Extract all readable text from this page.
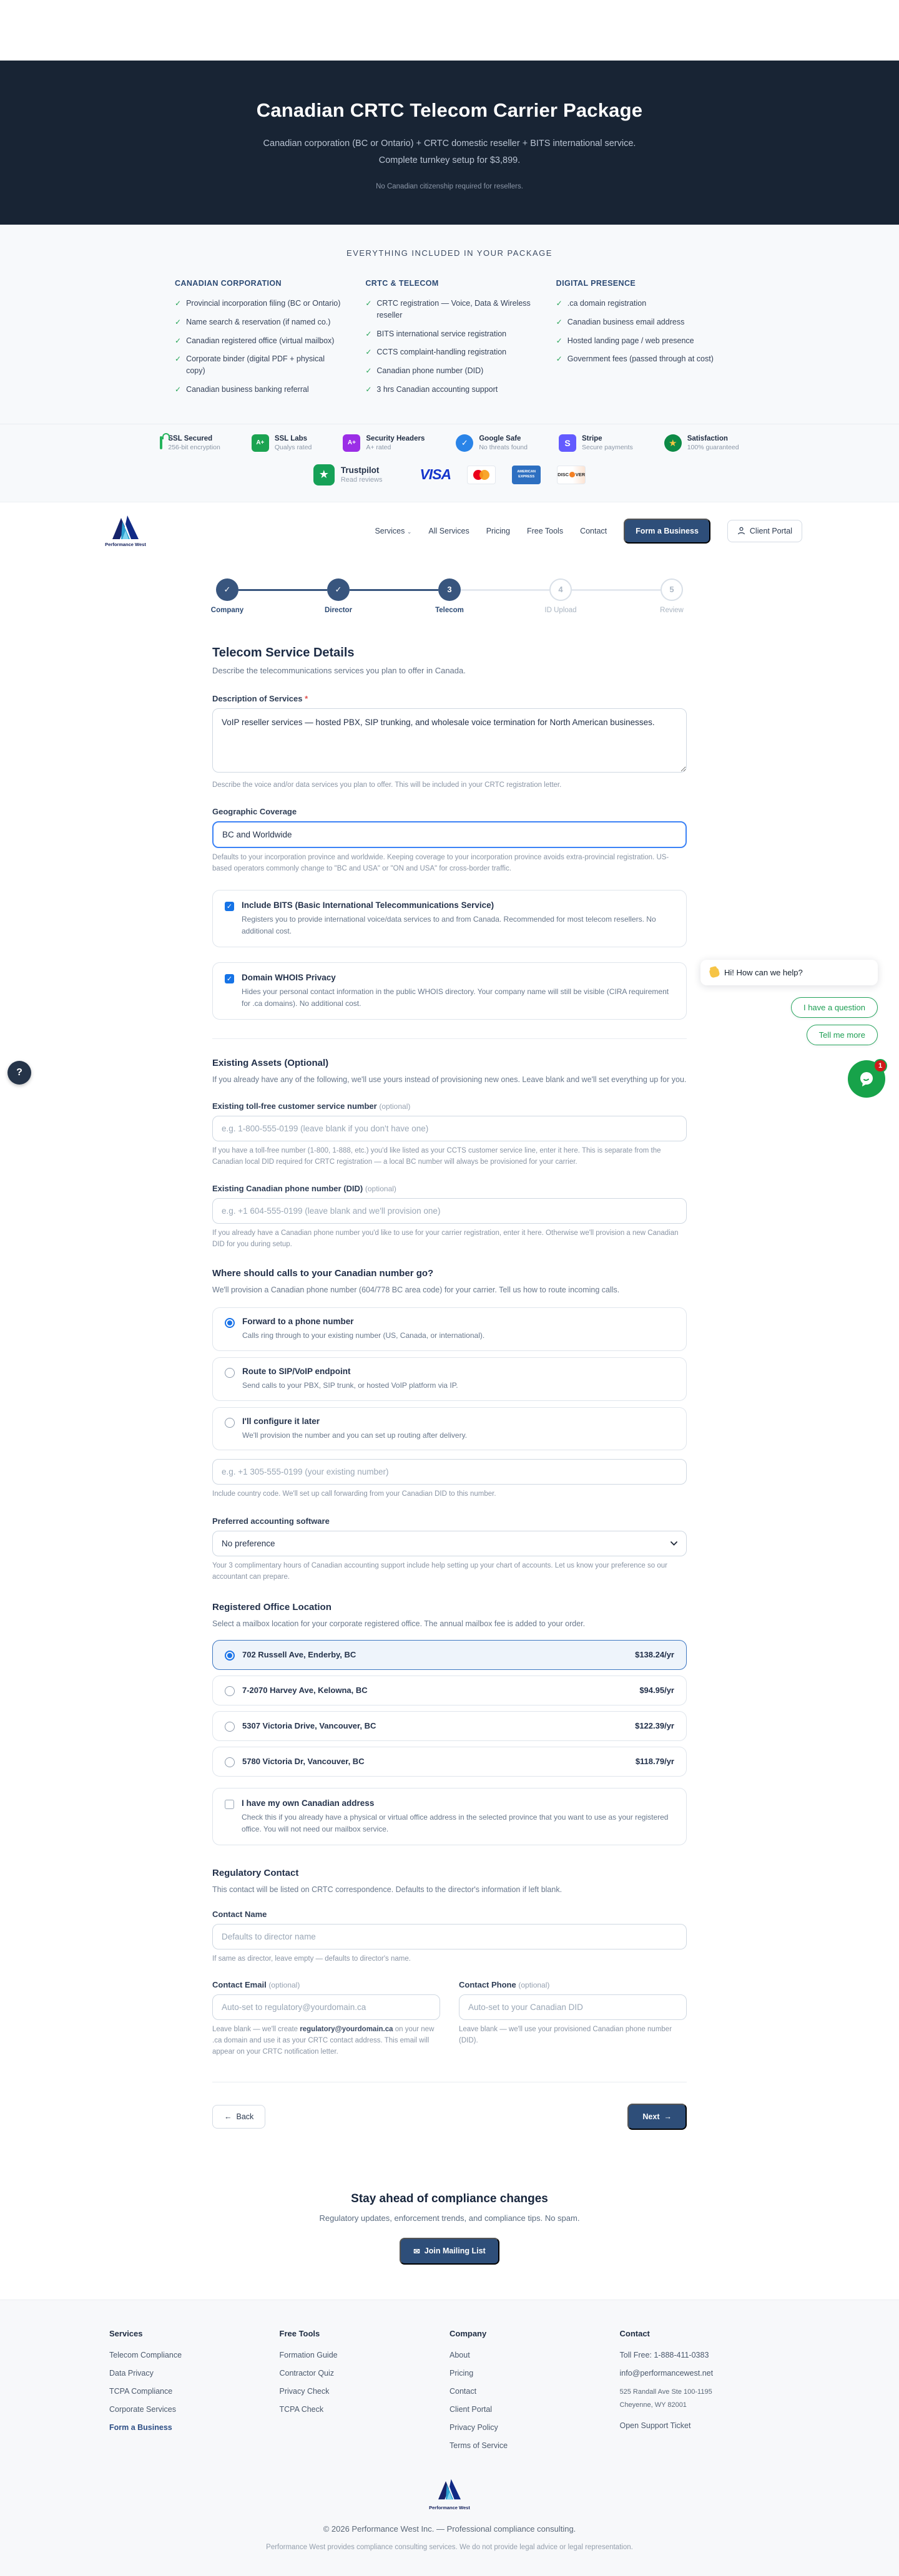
Canadian CRTC Telecom Carrier Package
Canadian corporation (BC or Ontario) + CRTC domestic reseller + BITS international service. Complete turnkey setup for $3,899.
No Canadian citizenship required for resellers.
EVERYTHING INCLUDED IN YOUR PACKAGE
CANADIAN CORPORATION
✓ Provincial incorporation filing (BC or Ontario)
✓ Name search & reservation (if named co.)
✓ Canadian registered office (virtual mailbox)
✓ Corporate binder (digital PDF + physical copy)
✓ Canadian business banking referral
CRTC & TELECOM
✓ CRTC registration — Voice, Data & Wireless reseller
✓ BITS international service registration
✓ CCTS complaint-handling registration
✓ Canadian phone number (DID)
✓ 3 hrs Canadian accounting support
DIGITAL PRESENCE
✓ .ca domain registration
✓ Canadian business email address
✓ Hosted landing page / web presence
✓ Government fees (passed through at cost)
SSL Secured
256-bit encryption
A+
SSL Labs
Qualys rated
A+
Security Headers
A+ rated	✓	Google Safe
No threats found	S	Stripe
Secure payments	★	Satisfaction
100% guaranteed
★	Trustpilot
Read reviews	VISA	AMERICAN EXPRESS	DISC VER
Performance West
Services ⌄ All Services Pricing Free Tools Contact	Form a Business	Client Portal
✓
Company
✓
Director
3
Telecom
4
ID Upload
5
Review
Telecom Service Details
Describe the telecommunications services you plan to offer in Canada.
Description of Services *
VoIP reseller services — hosted PBX, SIP trunking, and wholesale voice termination for North American businesses.
Describe the voice and/or data services you plan to offer. This will be included in your CRTC registration letter.
Geographic Coverage
BC and Worldwide
Defaults to your incorporation province and worldwide. Keeping coverage to your incorporation province avoids extra-provincial registration. US-based operators commonly change to "BC and USA" or "ON and USA" for cross-border traffic.
✓ Include BITS (Basic International Telecommunications Service)
Registers you to provide international voice/data services to and from Canada. Recommended for most telecom resellers. No additional cost.
✓ Domain WHOIS Privacy
Hides your personal contact information in the public WHOIS directory. Your company name will still be visible (CIRA requirement for .ca domains). No additional cost.
Existing Assets (Optional)
If you already have any of the following, we'll use yours instead of provisioning new ones. Leave blank and we'll set everything up for you.
Existing toll-free customer service number (optional)
e.g. 1-800-555-0199 (leave blank if you don't have one)
If you have a toll-free number (1-800, 1-888, etc.) you'd like listed as your CCTS customer service line, enter it here. This is separate from the Canadian local DID required for CRTC registration — a local BC number will always be provisioned for your carrier.
Existing Canadian phone number (DID) (optional)
e.g. +1 604-555-0199 (leave blank and we'll provision one)
If you already have a Canadian phone number you'd like to use for your carrier registration, enter it here. Otherwise we'll provision a new Canadian DID for you during setup.
Where should calls to your Canadian number go?
We'll provision a Canadian phone number (604/778 BC area code) for your carrier. Tell us how to route incoming calls.
Forward to a phone number
Calls ring through to your existing number (US, Canada, or international).
Route to SIP/VoIP endpoint
Send calls to your PBX, SIP trunk, or hosted VoIP platform via IP.
I'll configure it later
We'll provision the number and you can set up routing after delivery.
e.g. +1 305-555-0199 (your existing number)
Include country code. We'll set up call forwarding from your Canadian DID to this number.
Preferred accounting software
No preference
Your 3 complimentary hours of Canadian accounting support include help setting up your chart of accounts. Let us know your preference so our accountant can prepare.
Registered Office Location
Select a mailbox location for your corporate registered office. The annual mailbox fee is added to your order.
702 Russell Ave, Enderby, BC	$138.24/yr
7-2070 Harvey Ave, Kelowna, BC	$94.95/yr
5307 Victoria Drive, Vancouver, BC	$122.39/yr
5780 Victoria Dr, Vancouver, BC	$118.79/yr
I have my own Canadian address
Check this if you already have a physical or virtual office address in the selected province that you want to use as your registered office. You will not need our mailbox service.
Regulatory Contact
This contact will be listed on CRTC correspondence. Defaults to the director's information if left blank.
Contact Name
Defaults to director name
If same as director, leave empty — defaults to director's name.
Contact Email (optional)
Auto-set to regulatory@yourdomain.ca
Leave blank — we'll create regulatory@yourdomain.ca on your new .ca domain and use it as your CRTC contact address. This email will appear on your CRTC notification letter.
Contact Phone (optional)
Auto-set to your Canadian DID
Leave blank — we'll use your provisioned Canadian phone number (DID).
← Back	Next →
Stay ahead of compliance changes
Regulatory updates, enforcement trends, and compliance tips. No spam.
✉ Join Mailing List
Services
Telecom Compliance
Data Privacy
TCPA Compliance
Corporate Services
Form a Business
Free Tools
Formation Guide
Contractor Quiz
Privacy Check
TCPA Check
Company
About
Pricing
Contact
Client Portal
Privacy Policy
Terms of Service
Contact
Toll Free: 1-888-411-0383
info@performancewest.net
525 Randall Ave Ste 100-1195
Cheyenne, WY 82001
Open Support Ticket
Performance West
© 2026 Performance West Inc. — Professional compliance consulting.
Performance West provides compliance consulting services. We do not provide legal advice or legal representation.
Hi! How can we help?
I have a question
Tell me more
1
?
